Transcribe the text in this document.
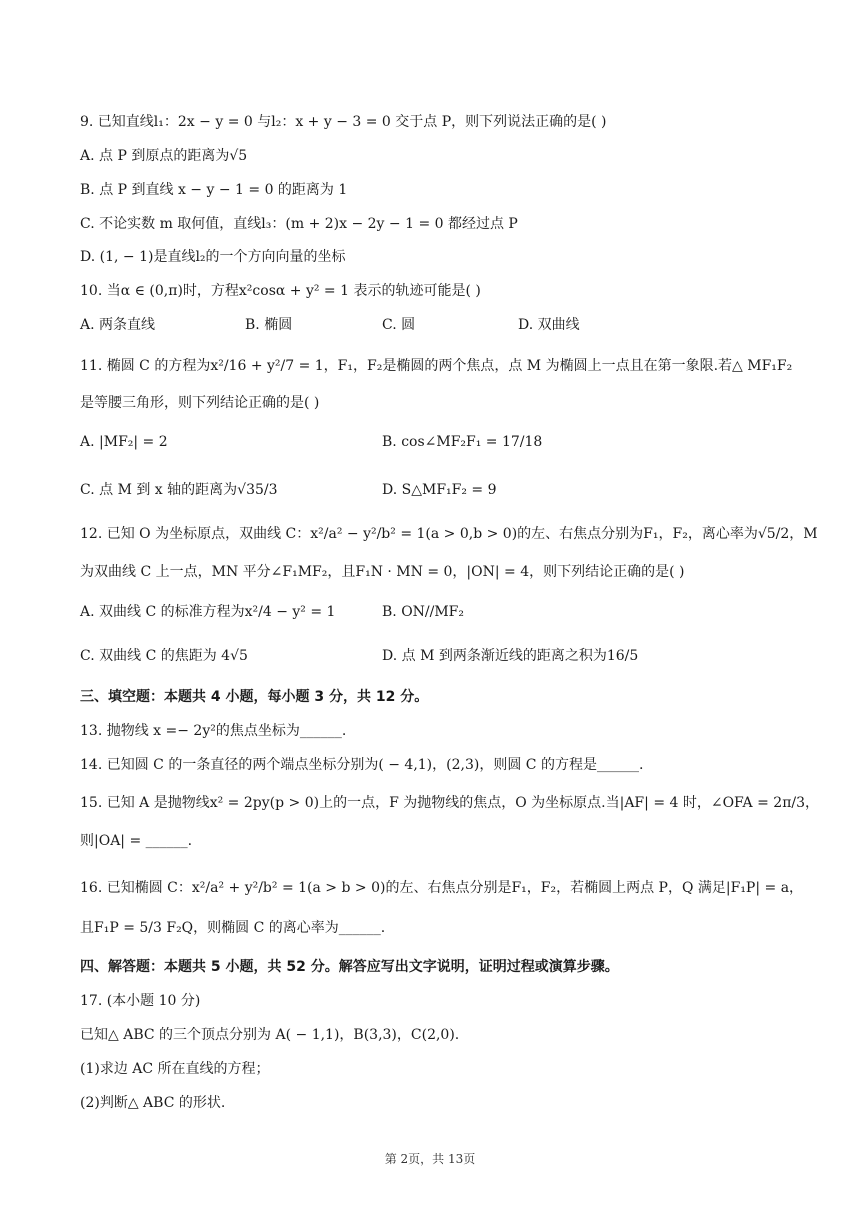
9. 已知直线l₁：2x − y = 0 与l₂：x + y − 3 = 0 交于点 P，则下列说法正确的是( )
A. 点 P 到原点的距离为√5
B. 点 P 到直线 x − y − 1 = 0 的距离为 1
C. 不论实数 m 取何值，直线l₃：(m + 2)x − 2y − 1 = 0 都经过点 P
D. (1, − 1)是直线l₂的一个方向向量的坐标
10. 当α ∈ (0,π)时，方程x²cosα + y² = 1 表示的轨迹可能是( )
A. 两条直线	B. 椭圆	C. 圆	D. 双曲线
11. 椭圆 C 的方程为x²/16 + y²/7 = 1，F₁，F₂是椭圆的两个焦点，点 M 为椭圆上一点且在第一象限.若△ MF₁F₂
是等腰三角形，则下列结论正确的是( )
A. |MF₂| = 2	B. cos∠MF₂F₁ = 17/18
C. 点 M 到 x 轴的距离为√35/3	D. S△MF₁F₂ = 9
12. 已知 O 为坐标原点，双曲线 C：x²/a² − y²/b² = 1(a > 0,b > 0)的左、右焦点分别为F₁，F₂，离心率为√5/2，M
为双曲线 C 上一点，MN 平分∠F₁MF₂，且F₁N · MN = 0，|ON| = 4，则下列结论正确的是( )
A. 双曲线 C 的标准方程为x²/4 − y² = 1	B. ON//MF₂
C. 双曲线 C 的焦距为 4√5	D. 点 M 到两条渐近线的距离之积为16/5
三、填空题：本题共 4 小题，每小题 3 分，共 12 分。
13. 抛物线 x =− 2y²的焦点坐标为______.
14. 已知圆 C 的一条直径的两个端点坐标分别为( − 4,1)，(2,3)，则圆 C 的方程是______.
15. 已知 A 是抛物线x² = 2py(p > 0)上的一点，F 为抛物线的焦点，O 为坐标原点.当|AF| = 4 时，∠OFA = 2π/3，
则|OA| = ______.
16. 已知椭圆 C：x²/a² + y²/b² = 1(a > b > 0)的左、右焦点分别是F₁，F₂，若椭圆上两点 P，Q 满足|F₁P| = a，
且F₁P = 5/3 F₂Q，则椭圆 C 的离心率为______.
四、解答题：本题共 5 小题，共 52 分。解答应写出文字说明，证明过程或演算步骤。
17. (本小题 10 分)
已知△ ABC 的三个顶点分别为 A( − 1,1)，B(3,3)，C(2,0).
(1)求边 AC 所在直线的方程；
(2)判断△ ABC 的形状.
第 2页，共 13页
